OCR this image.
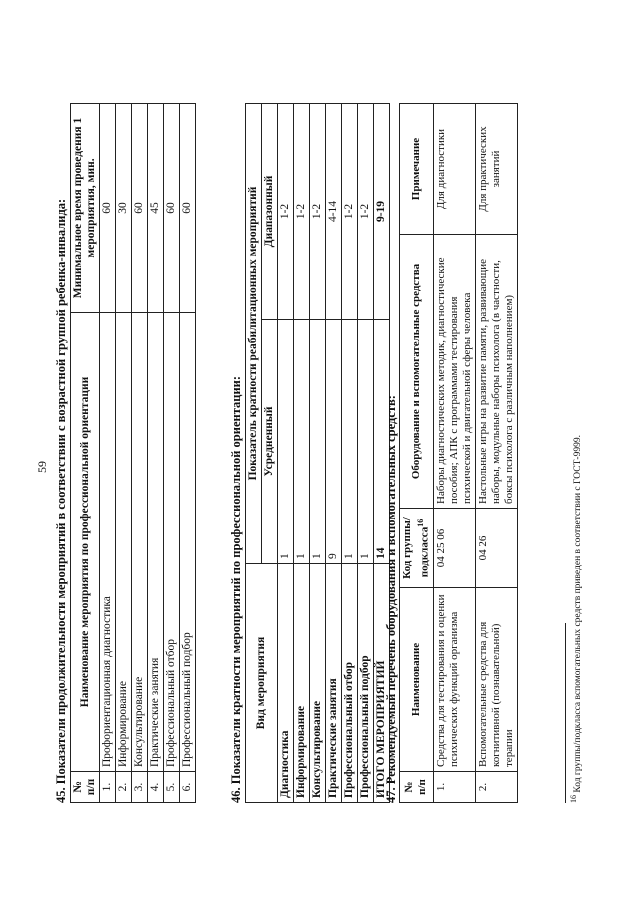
59 45. Показатели продолжительности мероприятий в соответствии с возрастной группой ребенка-инвалида: № п/п	Наименование мероприятия по профессиональной ориентации	Минимальное время проведения 1 мероприятия, мин.
1.	Профориентационная диагностика	60
2.	Информирование	30
3.	Консультирование	60
4.	Практические занятия	45
5.	Профессиональный отбор	60
6.	Профессиональный подбор	60
46. Показатели кратности мероприятий по профессиональной ориентации: Вид мероприятия	Показатель кратности реабилитационных мероприятий	
	Усредненный	Диапазонный
Диагностика	1	1-2
Информирование	1	1-2
Консультирование	1	1-2
Практические занятия	9	4-14
Профессиональный отбор	1	1-2
Профессиональный подбор	1	1-2
ИТОГО МЕРОПРИЯТИЙ	14	9-19
47. Рекомендуемый перечень оборудования и вспомогательных средств: № п/п	Наименование	Код группы/подкласса$^{16}$	Оборудование и вспомогательные средства	Примечание
1.	Средства для тестирования и оценки психических функций организма	04 25 06	Наборы диагностических методик, диагностические пособия; АПК с программами тестирования психической и двигательной сферы человека	Для диагностики
2.	Вспомогательные средства для когнитивной (познавательной) терапии	04 26	Настольные игры на развитие памяти, развивающие наборы, модульные наборы психолога (в частности, боксы психолога с различным наполнением)	Для практических занятий
$^{16}$ Код группы/подкласса вспомогательных средств приведен в соответствии с ГОСТ-9999.
